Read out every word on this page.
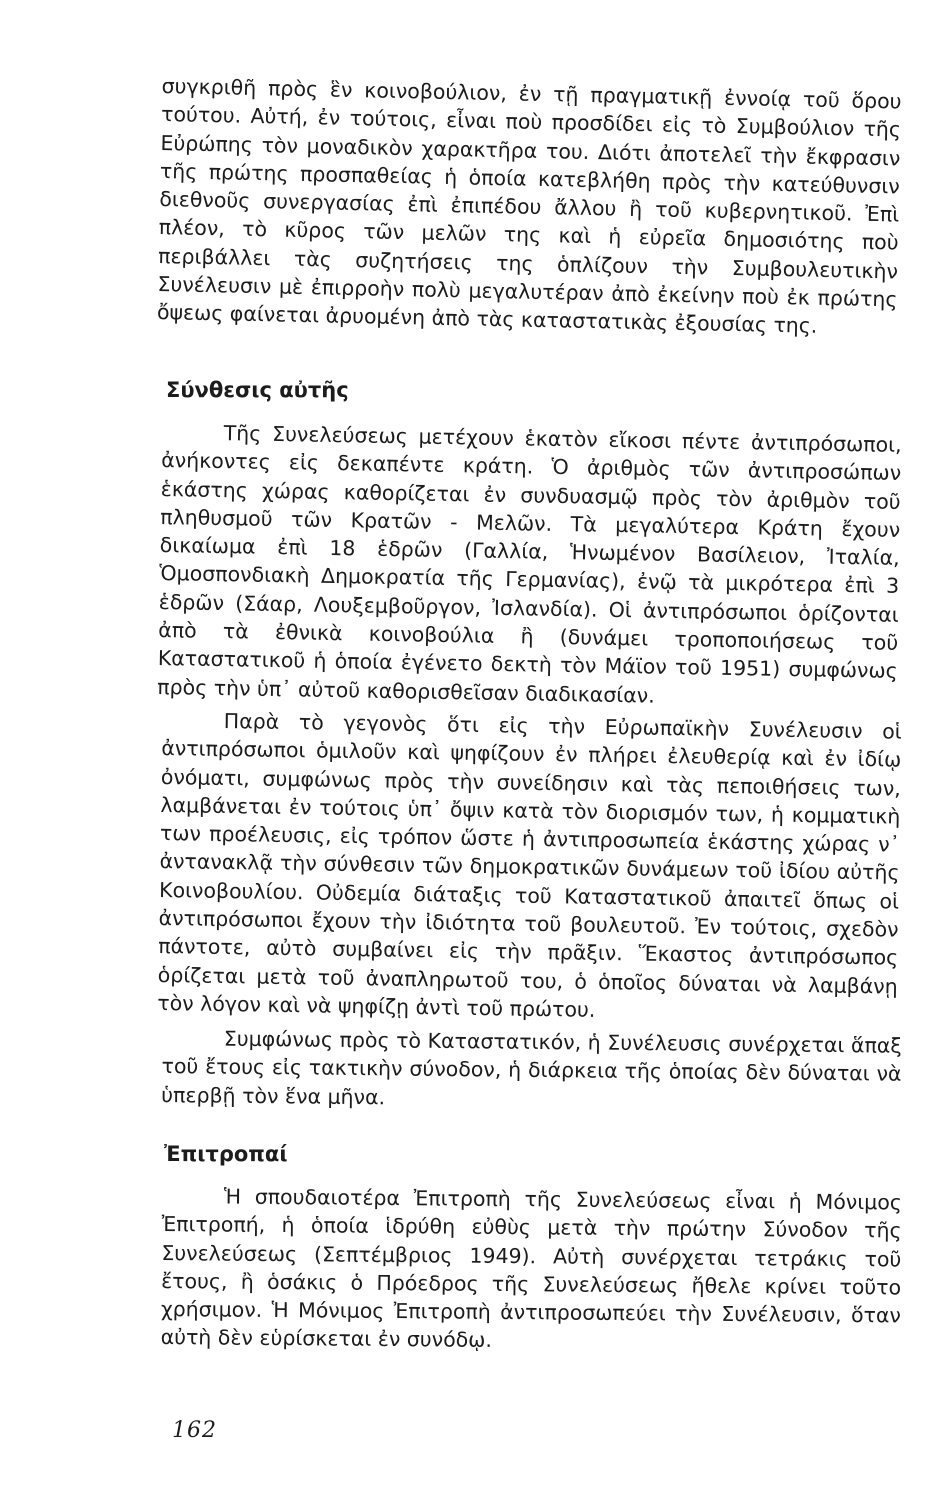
συγκριθῆ πρὸς ἓν κοινοβούλιον, ἐν τῇ πραγματικῇ ἐννοίᾳ τοῦ ὅρου τούτου. Αὐτή, ἐν τούτοις, εἶναι ποὺ προσδίδει εἰς τὸ Συμβούλιον τῆς Εὐρώπης τὸν μοναδικὸν χαρακτῆρα του. Διότι ἀποτελεῖ τὴν ἔκφρασιν τῆς πρώτης προσπαθείας ἡ ὁποία κατεβλήθη πρὸς τὴν κατεύθυνσιν διεθνοῦς συνεργασίας ἐπὶ ἐπιπέδου ἄλλου ἢ τοῦ κυβερνητικοῦ. Ἐπὶ πλέον, τὸ κῦρος τῶν μελῶν της καὶ ἡ εὐρεῖα δημοσιότης ποὺ περιβάλλει τὰς συζητήσεις της ὁπλίζουν τὴν Συμβουλευτικὴν Συνέλευσιν μὲ ἐπιρροὴν πολὺ μεγαλυτέραν ἀπὸ ἐκείνην ποὺ ἐκ πρώτης ὄψεως φαίνεται ἀρυομένη ἀπὸ τὰς καταστατικὰς ἐξουσίας της.

Σύνθεσις αὐτῆς

Τῆς Συνελεύσεως μετέχουν ἑκατὸν εἴκοσι πέντε ἀντιπρόσωποι, ἀνήκοντες εἰς δεκαπέντε κράτη. Ὁ ἀριθμὸς τῶν ἀντιπροσώπων ἑκάστης χώρας καθορίζεται ἐν συνδυασμῷ πρὸς τὸν ἀριθμὸν τοῦ πληθυσμοῦ τῶν Κρατῶν - Μελῶν. Τὰ μεγαλύτερα Κράτη ἔχουν δικαίωμα ἐπὶ 18 ἑδρῶν (Γαλλία, Ἡνωμένον Βασίλειον, Ἰταλία, Ὁμοσπονδιακὴ Δημοκρατία τῆς Γερμανίας), ἐνῷ τὰ μικρότερα ἐπὶ 3 ἑδρῶν (Σάαρ, Λουξεμβοῦργον, Ἰσλανδία). Οἱ ἀντιπρόσωποι ὁρίζονται ἀπὸ τὰ ἐθνικὰ κοινοβούλια ἢ (δυνάμει τροποποιήσεως τοῦ Καταστατικοῦ ἡ ὁποία ἐγένετο δεκτὴ τὸν Μάϊον τοῦ 1951) συμφώνως πρὸς τὴν ὑπ᾽ αὐτοῦ καθορισθεῖσαν διαδικασίαν.

Παρὰ τὸ γεγονὸς ὅτι εἰς τὴν Εὐρωπαϊκὴν Συνέλευσιν οἱ ἀντιπρόσωποι ὁμιλοῦν καὶ ψηφίζουν ἐν πλήρει ἐλευθερίᾳ καὶ ἐν ἰδίῳ ὀνόματι, συμφώνως πρὸς τὴν συνείδησιν καὶ τὰς πεποιθήσεις των, λαμβάνεται ἐν τούτοις ὑπ᾽ ὄψιν κατὰ τὸν διορισμόν των, ἡ κομματικὴ των προέλευσις, εἰς τρόπον ὥστε ἡ ἀντιπροσωπεία ἑκάστης χώρας ν᾽ ἀντανακλᾷ τὴν σύνθεσιν τῶν δημοκρατικῶν δυνάμεων τοῦ ἰδίου αὐτῆς Κοινοβουλίου. Οὐδεμία διάταξις τοῦ Καταστατικοῦ ἀπαιτεῖ ὅπως οἱ ἀντιπρόσωποι ἔχουν τὴν ἰδιότητα τοῦ βουλευτοῦ. Ἐν τούτοις, σχεδὸν πάντοτε, αὐτὸ συμβαίνει εἰς τὴν πρᾶξιν. Ἕκαστος ἀντιπρόσωπος ὁρίζεται μετὰ τοῦ ἀναπληρωτοῦ του, ὁ ὁποῖος δύναται νὰ λαμβάνῃ τὸν λόγον καὶ νὰ ψηφίζῃ ἀντὶ τοῦ πρώτου.

Συμφώνως πρὸς τὸ Καταστατικόν, ἡ Συνέλευσις συνέρχεται ἅπαξ τοῦ ἔτους εἰς τακτικὴν σύνοδον, ἡ διάρκεια τῆς ὁποίας δὲν δύναται νὰ ὑπερβῇ τὸν ἕνα μῆνα.

Ἐπιτροπαί

Ἡ σπουδαιοτέρα Ἐπιτροπὴ τῆς Συνελεύσεως εἶναι ἡ Μόνιμος Ἐπιτροπή, ἡ ὁποία ἱδρύθη εὐθὺς μετὰ τὴν πρώτην Σύνοδον τῆς Συνελεύσεως (Σεπτέμβριος 1949). Αὐτὴ συνέρχεται τετράκις τοῦ ἔτους, ἢ ὁσάκις ὁ Πρόεδρος τῆς Συνελεύσεως ἤθελε κρίνει τοῦτο χρήσιμον. Ἡ Μόνιμος Ἐπιτροπὴ ἀντιπροσωπεύει τὴν Συνέλευσιν, ὅταν αὐτὴ δὲν εὑρίσκεται ἐν συνόδῳ.

162
